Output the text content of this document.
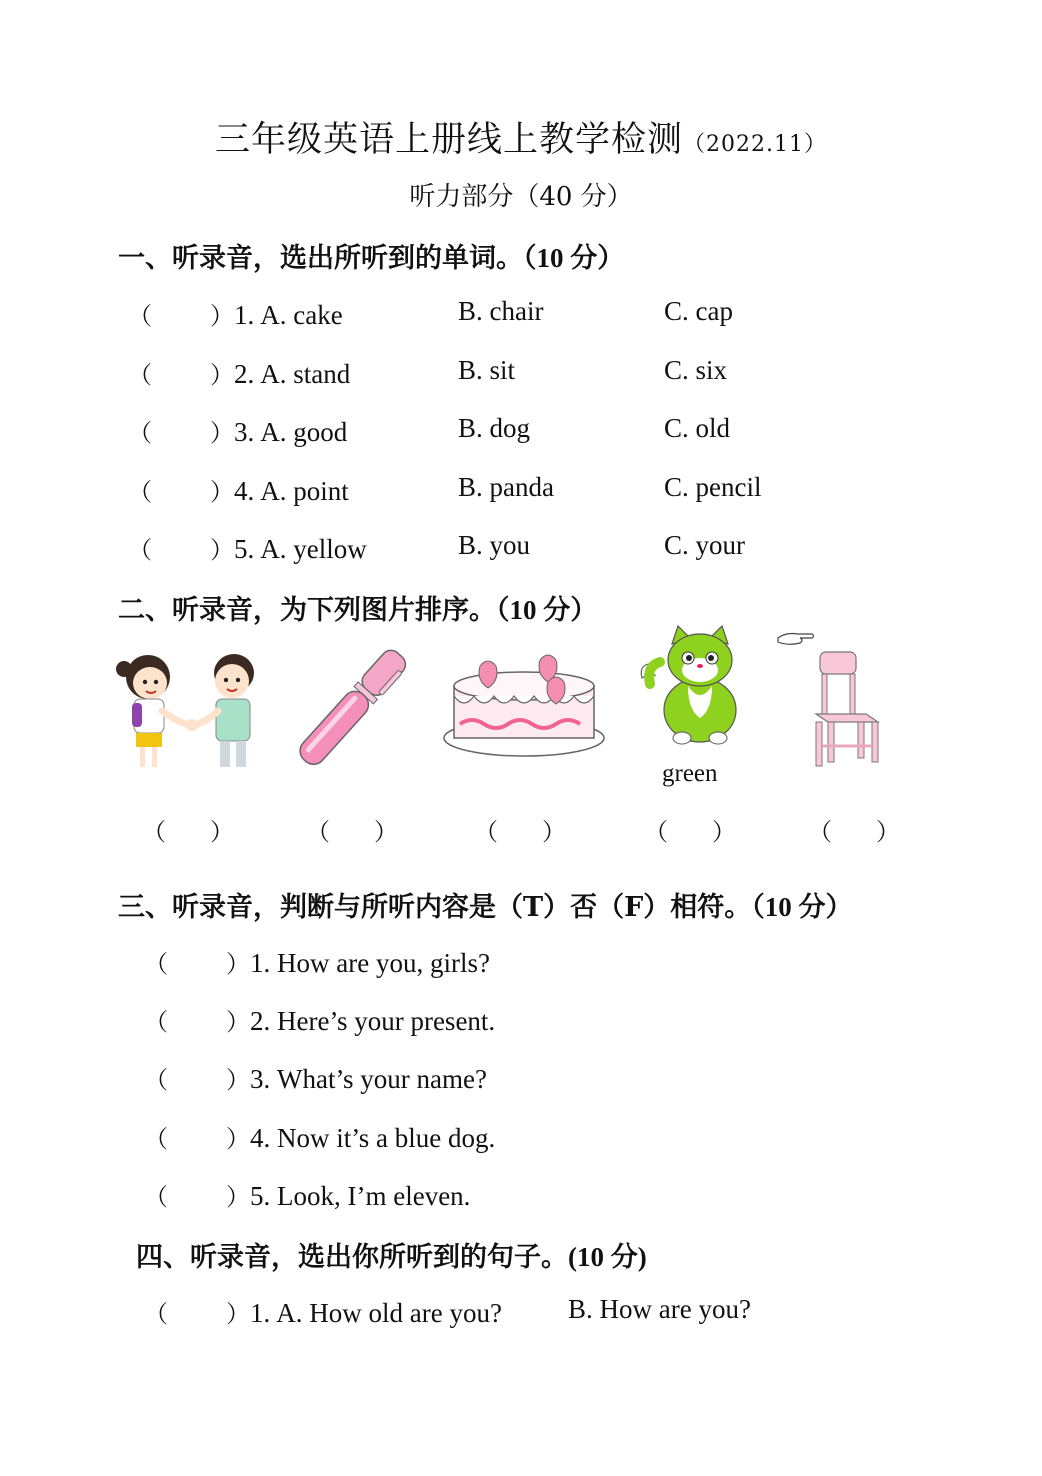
三年级英语上册线上教学检测（2022.11）
听力部分（40 分）
一、听录音，选出所听到的单词。（10 分）
（ ）1. A. cake	B. chair	C. cap
（ ）2. A. stand	B. sit	C. six
（ ）3. A. good	B. dog	C. old
（ ）4. A. point	B. panda	C. pencil
（ ）5. A. yellow	B. you	C. your
二、听录音，为下列图片排序。（10 分）
green
（ ）	（ ）	（ ）	（ ）	（ ）
三、听录音，判断与所听内容是（T）否（F）相符。（10 分）
（ ）1. How are you, girls?
（ ）2. Here’s your present.
（ ）3. What’s your name?
（ ）4. Now it’s a blue dog.
（ ）5. Look, I’m eleven.
四、听录音，选出你所听到的句子。(10 分)
（ ）1. A. How old are you? B. How are you?
